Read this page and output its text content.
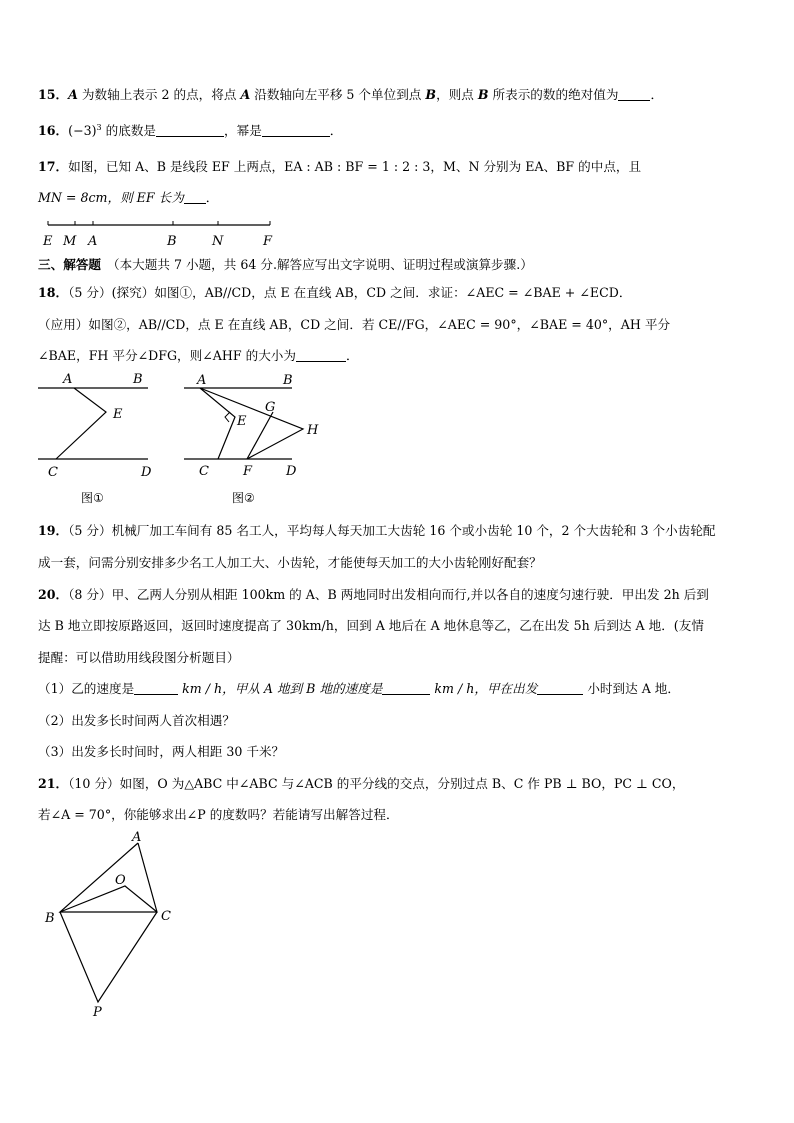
15．A 为数轴上表示 2 的点，将点 A 沿数轴向左平移 5 个单位到点 B，则点 B 所表示的数的绝对值为	．
16．$(-3)^3$ 的底数是	，幂是	．
17．如图，已知 A、B 是线段 EF 上两点，EA : AB : BF = 1 : 2 : 3，M、N 分别为 EA、BF 的中点，且
MN = 8cm，则 EF 长为 ．
E M A	B	N	F
三、解答题 （本大题共 7 小题，共 64 分.解答应写出文字说明、证明过程或演算步骤.）
18．（5 分）(探究）如图①，AB//CD，点 E 在直线 AB，CD 之间．求证：∠AEC = ∠BAE + ∠ECD．
（应用）如图②，AB//CD，点 E 在直线 AB，CD 之间．若 CE//FG，∠AEC = 90°，∠BAE = 40°，AH 平分
∠BAE，FH 平分∠DFG，则∠AHF 的大小为	．
A	B
E
C	D
图①
A	B
G
E
H
C	F	D
图②
19．（5 分）机械厂加工车间有 85 名工人，平均每人每天加工大齿轮 16 个或小齿轮 10 个，2 个大齿轮和 3 个小齿轮配
成一套，问需分别安排多少名工人加工大、小齿轮，才能使每天加工的大小齿轮刚好配套？
20．（8 分）甲、乙两人分别从相距 100km 的 A、B 两地同时出发相向而行,并以各自的速度匀速行驶．甲出发 2h 后到
达 B 地立即按原路返回，返回时速度提高了 30km/h，回到 A 地后在 A 地休息等乙，乙在出发 5h 后到达 A 地．(友情
提醒：可以借助用线段图分析题目）
（1）乙的速度是	km / h，甲从 A 地到 B 地的速度是	km / h，甲在出发	小时到达 A 地．
（2）出发多长时间两人首次相遇？
（3）出发多长时间时，两人相距 30 千米？
21．（10 分）如图，O 为△ABC 中∠ABC 与∠ACB 的平分线的交点，分别过点 B、C 作 PB ⊥ BO，PC ⊥ CO，
若∠A = 70°，你能够求出∠P 的度数吗？若能请写出解答过程．
A
O
B	C
P
